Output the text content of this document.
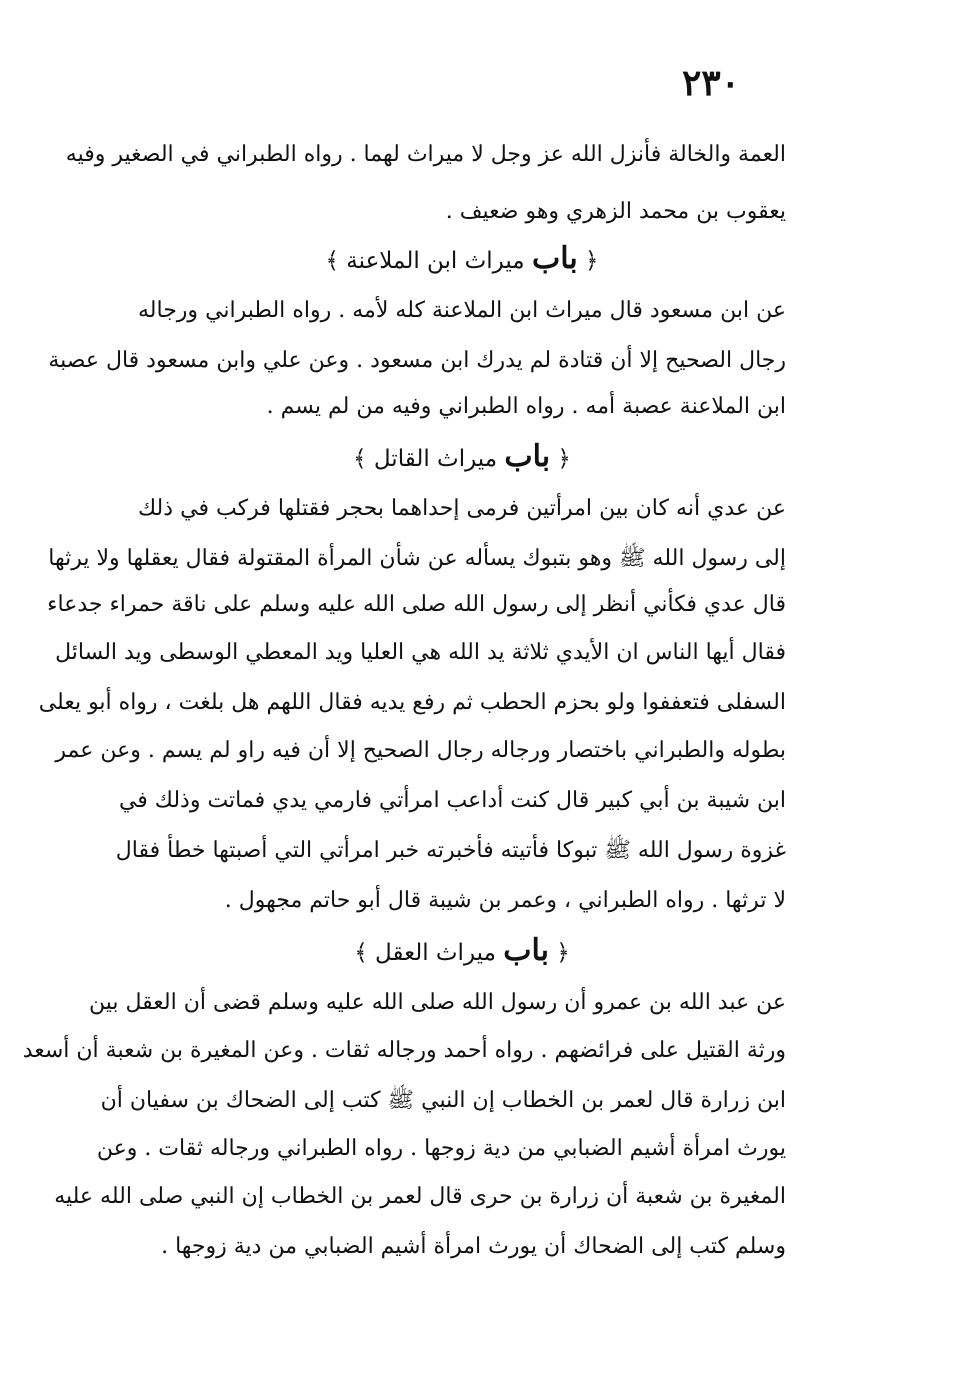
٢٣٠
العمة والخالة فأنزل الله عز وجل لا ميراث لهما . رواه الطبراني في الصغير وفيه
يعقوب بن محمد الزهري وهو ضعيف .
﴿ باب ميراث ابن الملاعنة ﴾
عن ابن مسعود قال ميراث ابن الملاعنة كله لأمه . رواه الطبراني ورجاله
رجال الصحيح إلا أن قتادة لم يدرك ابن مسعود . وعن علي وابن مسعود قال عصبة
ابن الملاعنة عصبة أمه . رواه الطبراني وفيه من لم يسم .
﴿ باب ميراث القاتل ﴾
عن عدي أنه كان بين امرأتين فرمى إحداهما بحجر فقتلها فركب في ذلك
إلى رسول الله ﷺ وهو بتبوك يسأله عن شأن المرأة المقتولة فقال يعقلها ولا يرثها
قال عدي فكأني أنظر إلى رسول الله صلى الله عليه وسلم على ناقة حمراء جدعاء
فقال أيها الناس ان الأيدي ثلاثة يد الله هي العليا ويد المعطي الوسطى ويد السائل
السفلى فتعففوا ولو بحزم الحطب ثم رفع يديه فقال اللهم هل بلغت ، رواه أبو يعلى
بطوله والطبراني باختصار ورجاله رجال الصحيح إلا أن فيه راو لم يسم . وعن عمر
ابن شيبة بن أبي كبير قال كنت أداعب امرأتي فارمي يدي فماتت وذلك في
غزوة رسول الله ﷺ تبوكا فأتيته فأخبرته خبر امرأتي التي أصبتها خطأ فقال
لا ترثها . رواه الطبراني ، وعمر بن شيبة قال أبو حاتم مجهول .
﴿ باب ميراث العقل ﴾
عن عبد الله بن عمرو أن رسول الله صلى الله عليه وسلم قضى أن العقل بين
ورثة القتيل على فرائضهم . رواه أحمد ورجاله ثقات . وعن المغيرة بن شعبة أن أسعد
ابن زرارة قال لعمر بن الخطاب إن النبي ﷺ كتب إلى الضحاك بن سفيان أن
يورث امرأة أشيم الضبابي من دية زوجها . رواه الطبراني ورجاله ثقات . وعن
المغيرة بن شعبة أن زرارة بن حرى قال لعمر بن الخطاب إن النبي صلى الله عليه
وسلم كتب إلى الضحاك أن يورث امرأة أشيم الضبابي من دية زوجها .
